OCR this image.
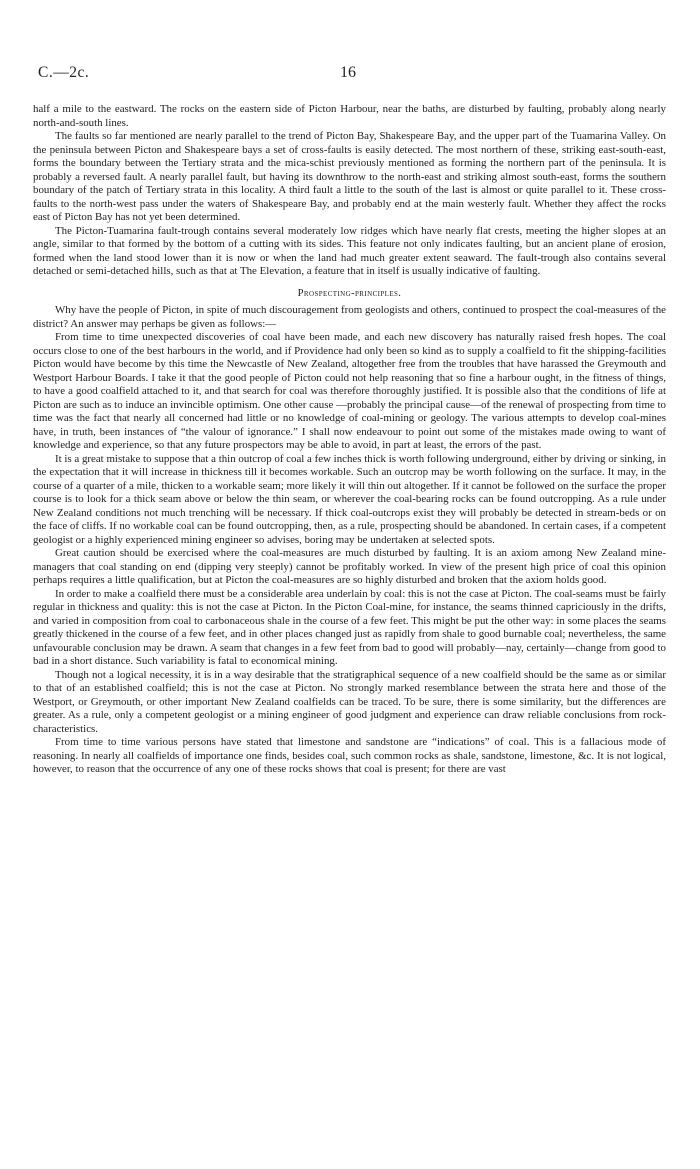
C.—2c.	16

half a mile to the eastward. The rocks on the eastern side of Picton Harbour, near the baths, are disturbed by faulting, probably along nearly north-and-south lines.

The faults so far mentioned are nearly parallel to the trend of Picton Bay, Shakespeare Bay, and the upper part of the Tuamarina Valley. On the peninsula between Picton and Shakespeare bays a set of cross-faults is easily detected. The most northern of these, striking east-south-east, forms the boundary between the Tertiary strata and the mica-schist previously mentioned as forming the northern part of the peninsula. It is probably a reversed fault. A nearly parallel fault, but having its downthrow to the north-east and striking almost south-east, forms the southern boundary of the patch of Tertiary strata in this locality. A third fault a little to the south of the last is almost or quite parallel to it. These cross-faults to the north-west pass under the waters of Shakespeare Bay, and probably end at the main westerly fault. Whether they affect the rocks east of Picton Bay has not yet been determined.

The Picton-Tuamarina fault-trough contains several moderately low ridges which have nearly flat crests, meeting the higher slopes at an angle, similar to that formed by the bottom of a cutting with its sides. This feature not only indicates faulting, but an ancient plane of erosion, formed when the land stood lower than it is now or when the land had much greater extent seaward. The fault-trough also contains several detached or semi-detached hills, such as that at The Elevation, a feature that in itself is usually indicative of faulting.

Prospecting-principles.

Why have the people of Picton, in spite of much discouragement from geologists and others, continued to prospect the coal-measures of the district? An answer may perhaps be given as follows:—

From time to time unexpected discoveries of coal have been made, and each new discovery has naturally raised fresh hopes. The coal occurs close to one of the best harbours in the world, and if Providence had only been so kind as to supply a coalfield to fit the shipping-facilities Picton would have become by this time the Newcastle of New Zealand, altogether free from the troubles that have harassed the Greymouth and Westport Harbour Boards. I take it that the good people of Picton could not help reasoning that so fine a harbour ought, in the fitness of things, to have a good coalfield attached to it, and that search for coal was therefore thoroughly justified. It is possible also that the conditions of life at Picton are such as to induce an invincible optimism. One other cause —probably the principal cause—of the renewal of prospecting from time to time was the fact that nearly all concerned had little or no knowledge of coal-mining or geology. The various attempts to develop coal-mines have, in truth, been instances of “the valour of ignorance.” I shall now endeavour to point out some of the mistakes made owing to want of knowledge and experience, so that any future prospectors may be able to avoid, in part at least, the errors of the past.

It is a great mistake to suppose that a thin outcrop of coal a few inches thick is worth following underground, either by driving or sinking, in the expectation that it will increase in thickness till it becomes workable. Such an outcrop may be worth following on the surface. It may, in the course of a quarter of a mile, thicken to a workable seam; more likely it will thin out altogether. If it cannot be followed on the surface the proper course is to look for a thick seam above or below the thin seam, or wherever the coal-bearing rocks can be found outcropping. As a rule under New Zealand conditions not much trenching will be necessary. If thick coal-outcrops exist they will probably be detected in stream-beds or on the face of cliffs. If no workable coal can be found outcropping, then, as a rule, prospecting should be abandoned. In certain cases, if a competent geologist or a highly experienced mining engineer so advises, boring may be undertaken at selected spots.

Great caution should be exercised where the coal-measures are much disturbed by faulting. It is an axiom among New Zealand mine-managers that coal standing on end (dipping very steeply) cannot be profitably worked. In view of the present high price of coal this opinion perhaps requires a little qualification, but at Picton the coal-measures are so highly disturbed and broken that the axiom holds good.

In order to make a coalfield there must be a considerable area underlain by coal: this is not the case at Picton. The coal-seams must be fairly regular in thickness and quality: this is not the case at Picton. In the Picton Coal-mine, for instance, the seams thinned capriciously in the drifts, and varied in composition from coal to carbonaceous shale in the course of a few feet. This might be put the other way: in some places the seams greatly thickened in the course of a few feet, and in other places changed just as rapidly from shale to good burnable coal; nevertheless, the same unfavourable conclusion may be drawn. A seam that changes in a few feet from bad to good will probably—nay, certainly—change from good to bad in a short distance. Such variability is fatal to economical mining.

Though not a logical necessity, it is in a way desirable that the stratigraphical sequence of a new coalfield should be the same as or similar to that of an established coalfield; this is not the case at Picton. No strongly marked resemblance between the strata here and those of the Westport, or Greymouth, or other important New Zealand coalfields can be traced. To be sure, there is some similarity, but the differences are greater. As a rule, only a competent geologist or a mining engineer of good judgment and experience can draw reliable conclusions from rock-characteristics.

From time to time various persons have stated that limestone and sandstone are “indications” of coal. This is a fallacious mode of reasoning. In nearly all coalfields of importance one finds, besides coal, such common rocks as shale, sandstone, limestone, &c. It is not logical, however, to reason that the occurrence of any one of these rocks shows that coal is present; for there are vast
